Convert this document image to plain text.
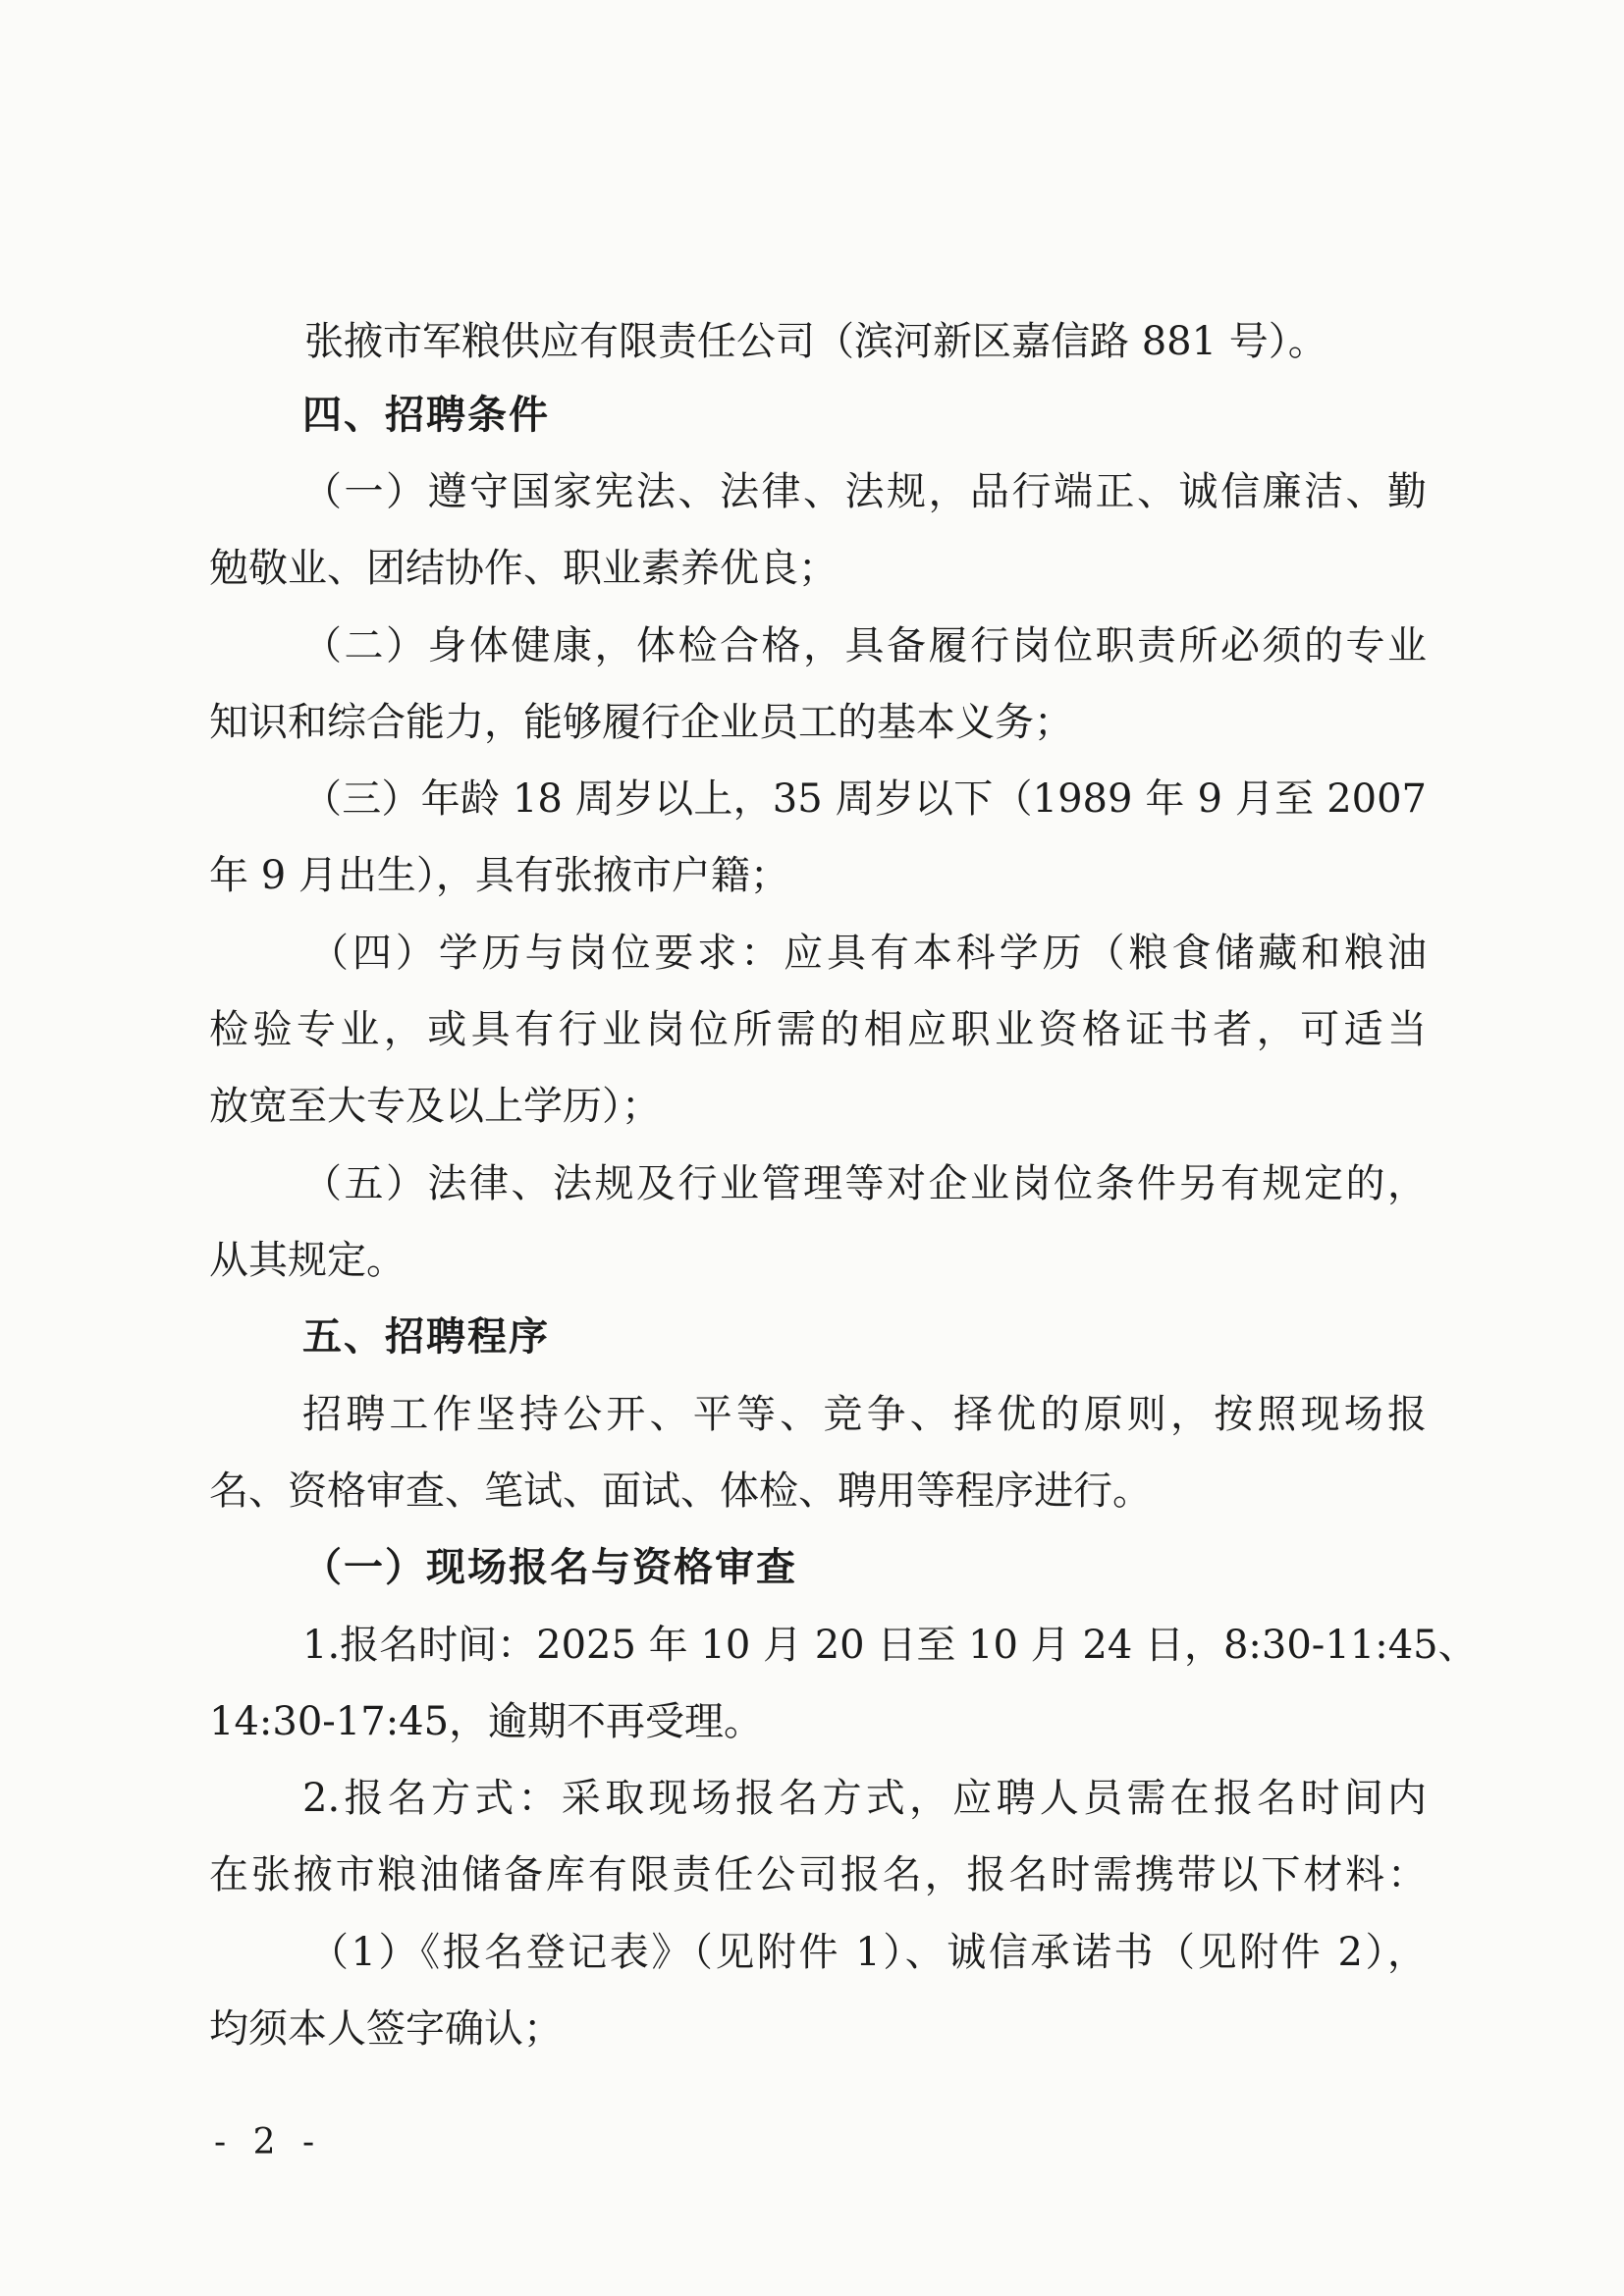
张掖市军粮供应有限责任公司（滨河新区嘉信路 881 号）。
四、招聘条件
（一）遵守国家宪法、法律、法规，品行端正、诚信廉洁、勤
勉敬业、团结协作、职业素养优良；
（二）身体健康，体检合格，具备履行岗位职责所必须的专业
知识和综合能力，能够履行企业员工的基本义务；
（三）年龄 18 周岁以上，35 周岁以下（1989 年 9 月至 2007
年 9 月出生），具有张掖市户籍；
（四）学历与岗位要求：应具有本科学历（粮食储藏和粮油
检验专业，或具有行业岗位所需的相应职业资格证书者，可适当
放宽至大专及以上学历）；
（五）法律、法规及行业管理等对企业岗位条件另有规定的，
从其规定。
五、招聘程序
招聘工作坚持公开、平等、竞争、择优的原则，按照现场报
名、资格审查、笔试、面试、体检、聘用等程序进行。
（一）现场报名与资格审查
1.报名时间：2025 年 10 月 20 日至 10 月 24 日，8:30-11:45、
14:30-17:45，逾期不再受理。
2.报名方式：采取现场报名方式，应聘人员需在报名时间内
在张掖市粮油储备库有限责任公司报名，报名时需携带以下材料：
（1）《报名登记表》（见附件 1）、诚信承诺书（见附件 2），
均须本人签字确认；
- 2 -
